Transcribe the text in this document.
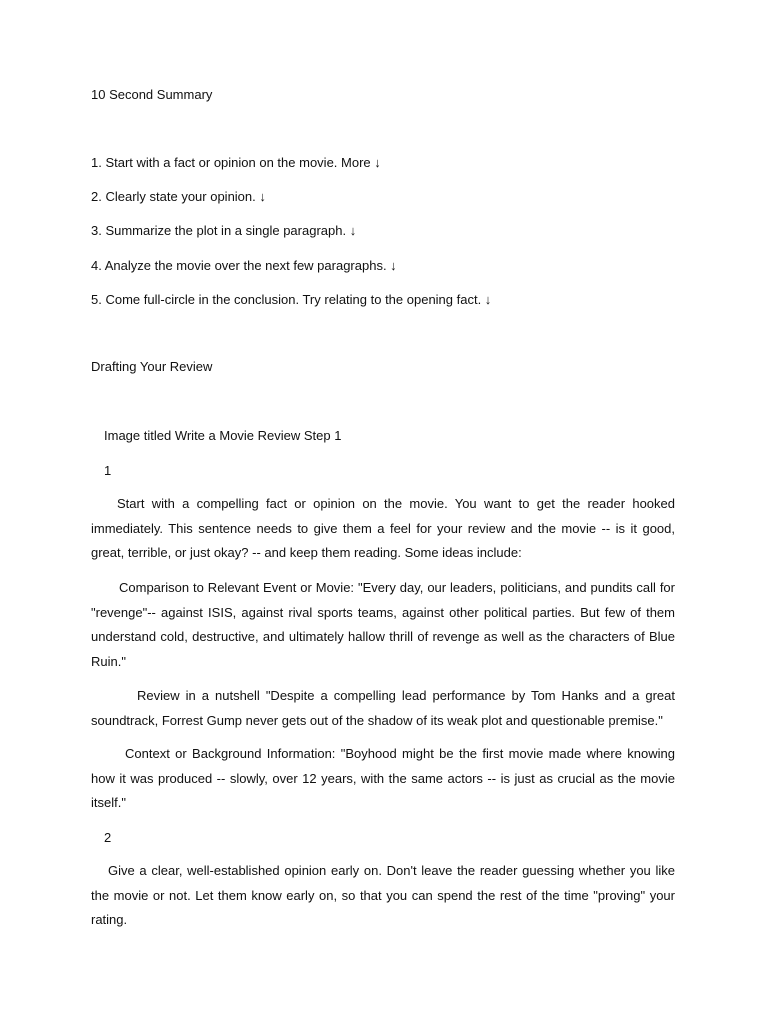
10 Second Summary
1. Start with a fact or opinion on the movie. More ↓
2. Clearly state your opinion. ↓
3. Summarize the plot in a single paragraph. ↓
4. Analyze the movie over the next few paragraphs. ↓
5. Come full-circle in the conclusion. Try relating to the opening fact. ↓
Drafting Your Review
Image titled Write a Movie Review Step 1
1
Start with a compelling fact or opinion on the movie. You want to get the reader hooked immediately. This sentence needs to give them a feel for your review and the movie -- is it good, great, terrible, or just okay? -- and keep them reading. Some ideas include:
Comparison to Relevant Event or Movie: "Every day, our leaders, politicians, and pundits call for "revenge"-- against ISIS, against rival sports teams, against other political parties. But few of them understand cold, destructive, and ultimately hallow thrill of revenge as well as the characters of Blue Ruin."
Review in a nutshell "Despite a compelling lead performance by Tom Hanks and a great soundtrack, Forrest Gump never gets out of the shadow of its weak plot and questionable premise."
Context or Background Information: "Boyhood might be the first movie made where knowing how it was produced -- slowly, over 12 years, with the same actors -- is just as crucial as the movie itself."
2
Give a clear, well-established opinion early on. Don't leave the reader guessing whether you like the movie or not. Let them know early on, so that you can spend the rest of the time "proving" your rating.
